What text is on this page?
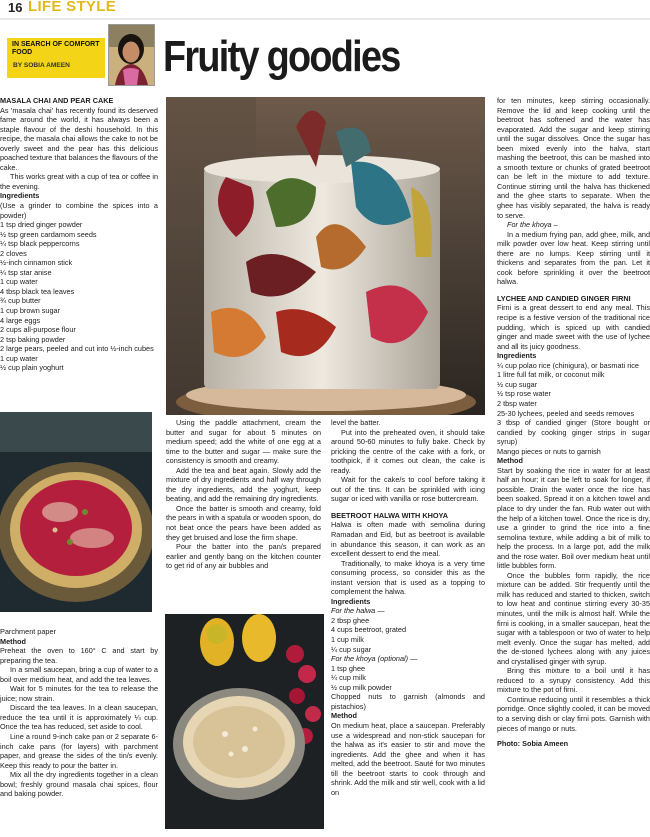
16 LIFE STYLE
IN SEARCH OF COMFORT FOOD
BY SOBIA AMEEN Fruity goodies

MASALA CHAI AND PEAR CAKE

As 'masala chai' has recently found its deserved fame around the world, it has always been a staple flavour of the deshi household. In this recipe, the masala chai allows the cake to not be overly sweet and the pear has this delicious poached texture that balances the flavours of the cake.

This works great with a cup of tea or coffee in the evening.

Ingredients

(Use a grinder to combine the spices into a powder)

1 tsp dried ginger powder

½ tsp green cardamom seeds

¼ tsp black peppercorns

2 cloves

½-inch cinnamon stick

¼ tsp star anise

1 cup water

4 tbsp black tea leaves

¾ cup butter

1 cup brown sugar

4 large eggs

2 cups all-purpose flour

2 tsp baking powder

2 large pears, peeled and cut into ½-inch cubes

1 cup water

½ cup plain yoghurt

Parchment paper

Method

Preheat the oven to 160° C and start by preparing the tea.

In a small saucepan, bring a cup of water to a boil over medium heat, and add the tea leaves.

Wait for 5 minutes for the tea to release the juice; now strain.

Discard the tea leaves. In a clean saucepan, reduce the tea until it is approximately ¼ cup. Once the tea has reduced, set aside to cool.

Line a round 9-inch cake pan or 2 separate 6-inch cake pans (for layers) with parchment paper, and grease the sides of the tin/s evenly. Keep this ready to pour the batter in.

Mix all the dry ingredients together in a clean bowl; freshly ground masala chai spices, flour and baking powder.

Using the paddle attachment, cream the butter and sugar for about 5 minutes on medium speed; add the white of one egg at a time to the butter and sugar — make sure the consistency is smooth and creamy.

Add the tea and beat again. Slowly add the mixture of dry ingredients and half way through the dry ingredients, add the yoghurt, keep beating, and add the remaining dry ingredients.

Once the batter is smooth and creamy, fold the pears in with a spatula or wooden spoon, do not beat once the pears have been added as they get bruised and lose the firm shape.

Pour the batter into the pan/s prepared earlier and gently bang on the kitchen counter to get rid of any air bubbles and

level the batter.

Put into the preheated oven, it should take around 50-60 minutes to fully bake. Check by pricking the centre of the cake with a fork, or toothpick, if it comes out clean, the cake is ready.

Wait for the cake/s to cool before taking it out of the tins. It can be sprinkled with icing sugar or iced with vanilla or rose buttercream.

BEETROOT HALWA WITH KHOYA

Halwa is often made with semolina during Ramadan and Eid, but as beetroot is available in abundance this season, it can work as an excellent dessert to end the meal.

Traditionally, to make khoya is a very time consuming process, so consider this as the instant version that is used as a topping to complement the halwa.

Ingredients

For the halwa —

2 tbsp ghee

4 cups beetroot, grated

1 cup milk

¼ cup sugar

For the khoya (optional) —

1 tsp ghee

¼ cup milk

½ cup milk powder

Chopped nuts to garnish (almonds and pistachios)

Method

On medium heat, place a saucepan. Preferably use a widespread and non-stick saucepan for the halwa as it's easier to stir and move the ingredients. Add the ghee and when it has melted, add the beetroot. Sauté for two minutes till the beetroot starts to cook through and shrink. Add the milk and stir well, cook with a lid on

for ten minutes, keep stirring occasionally. Remove the lid and keep cooking until the beetroot has softened and the water has evaporated. Add the sugar and keep stirring until the sugar dissolves. Once the sugar has been mixed evenly into the halva, start mashing the beetroot, this can be mashed into a smooth texture or chunks of grated beetroot can be left in the mixture to add texture. Continue stirring until the halva has thickened and the ghee starts to separate. When the ghee has visibly separated, the halva is ready to serve.

For the khoya –

In a medium frying pan, add ghee, milk, and milk powder over low heat. Keep stirring until there are no lumps. Keep stirring until it thickens and separates from the pan. Let it cook before sprinkling it over the beetroot halwa.

LYCHEE AND CANDIED GINGER FIRNI

Firni is a great dessert to end any meal. This recipe is a festive version of the traditional rice pudding, which is spiced up with candied ginger and made sweet with the use of lychee and all its juicy goodness.

Ingredients

¼ cup polao rice (chinigura), or basmati rice

1 litre full fat milk, or coconut milk

½ cup sugar

½ tsp rose water

2 tbsp water

25-30 lychees, peeled and seeds removes

3 tbsp of candied ginger (Store bought or candied by cooking ginger strips in sugar syrup)

Mango pieces or nuts to garnish

Method

Start by soaking the rice in water for at least half an hour; it can be left to soak for longer, if possible. Drain the water once the rice has been soaked. Spread it on a kitchen towel and place to dry under the fan. Rub water out with the help of a kitchen towel. Once the rice is dry, use a grinder to grind the rice into a fine semolina texture, while adding a bit of milk to help the process. In a large pot, add the milk and the rose water. Boil over medium heat until little bubbles form.

Once the bubbles form rapidly, the rice mixture can be added. Stir frequently until the milk has reduced and started to thicken, switch to low heat and continue stirring every 30-35 minutes, until the milk is almost half. While the firni is cooking, in a smaller saucepan, heat the sugar with a tablespoon or two of water to help melt evenly. Once the sugar has melted, add the de-stoned lychees along with any juices and crystallised ginger with syrup.

Bring this mixture to a boil until it has reduced to a syrupy consistency. Add this mixture to the pot of firni.

Continue reducing until it resembles a thick porridge. Once slightly cooled, it can be moved to a serving dish or clay firni pots. Garnish with pieces of mango or nuts.

Photo: Sobia Ameen
